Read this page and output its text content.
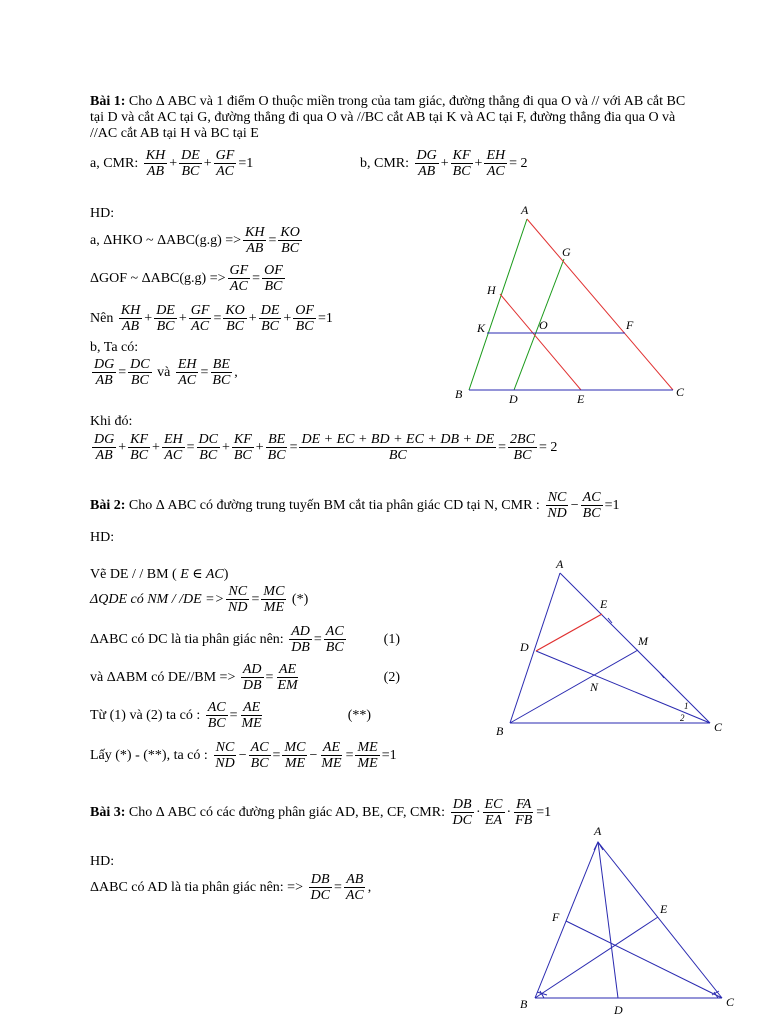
Bài 1: Cho Δ ABC và 1 điểm O thuộc miền trong của tam giác, đường thẳng đi qua O và // với AB cắt BC tại D và cắt AC tại G, đường thẳng đi qua O và //BC cắt AB tại K và AC tại F, đường thẳng đia qua O và //AC cắt AB tại H và BC tại E
a, CMR:
KH
AB
+ DE
BC
+ $\frac{GF}{AC} =1$	b, CMR:
DG
AB
+ KF
BC
+ $\frac{EH}{AC} = 2$
HD:
a, ΔHKO ~ ΔABC(g.g) => KH
AB
= KO
BC
ΔGOF ~ ΔABC(g.g) => GF
AC
= OF
BC
Nên
KH
AB
+ DE
BC
+ GF
AC
= KO
BC
+ DE
BC
+ OF
BC
=1
b, Ta có:
DG
AB
= DC
BC

và
EH
AC
= BE
BC
,
Khi đó:
DG
AB
+ KF
BC
+ EH
AC
= DC
BC
+ KF
BC
+ BE
BC
= DE + EC + BD + EC + DB + DE
BC
= $\frac{2BC}{BC} = 2$
A
G
H
K	O	F
B	D	E	C
Bài 2:
Cho Δ ABC có đường trung tuyến BM cắt tia phân giác CD tại N, CMR :
NC
ND
− AC
BC
=1
HD:
Vẽ DE / / BM (
E ∈ AC )
ΔQDE có NM / /DE => NC
ND
= MC
ME

(*)
ΔABC có DC là tia phân giác nên:
AD
DB
= AC
BC
(1)
và ΔABM có DE//BM =>
AD
DB
= AE
EM
(2)
Từ (1) và (2) ta có :
AC
BC
= AE
ME
(**)
Lấy (*) - (**), ta có :
NC
ND
− AC
BC
= MC
ME
− AE
ME
= ME
ME
=1
A
E
M
D
N
B	C
1
2
Bài 3:
Cho Δ ABC có các đường phân giác AD, BE, CF, CMR:
DB
DC
· EC
EA
· FA
FB
=1
HD:
ΔABC có AD là tia phân giác nên: =>
DB
DC
= AB
AC
,
A
F
E
B	D
C
